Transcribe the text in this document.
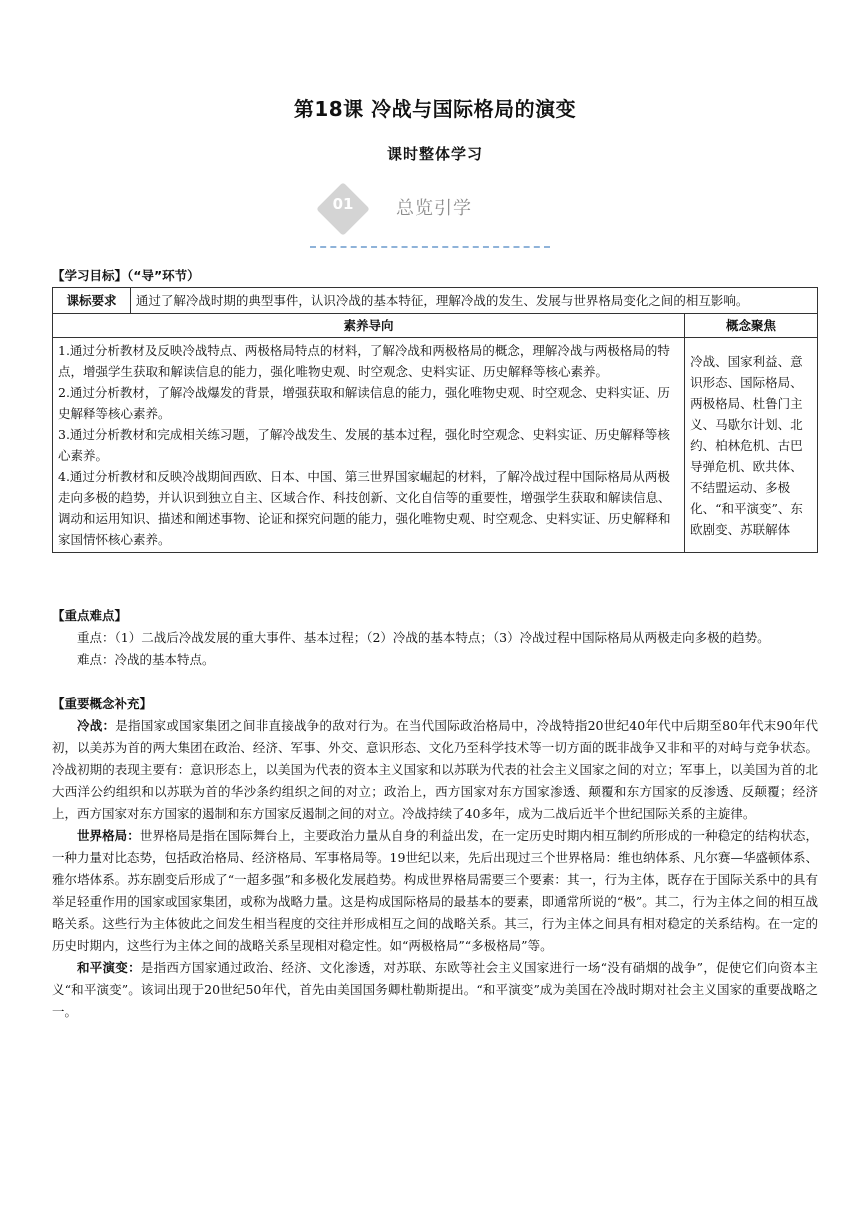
第18课 冷战与国际格局的演变
课时整体学习
01	总览引学
【学习目标】（“导”环节）
课标要求	通过了解冷战时期的典型事件，认识冷战的基本特征，理解冷战的发生、发展与世界格局变化之间的相互影响。	
素养导向		概念聚焦

1.通过分析教材及反映冷战特点、两极格局特点的材料，了解冷战和两极格局的概念，理解冷战与两极格局的特点，增强学生获取和解读信息的能力，强化唯物史观、时空观念、史料实证、历史解释等核心素养。
2.通过分析教材，了解冷战爆发的背景，增强获取和解读信息的能力，强化唯物史观、时空观念、史料实证、历史解释等核心素养。
3.通过分析教材和完成相关练习题，了解冷战发生、发展的基本过程，强化时空观念、史料实证、历史解释等核心素养。
4.通过分析教材和反映冷战期间西欧、日本、中国、第三世界国家崛起的材料，了解冷战过程中国际格局从两极走向多极的趋势，并认识到独立自主、区域合作、科技创新、文化自信等的重要性，增强学生获取和解读信息、调动和运用知识、描述和阐述事物、论证和探究问题的能力，强化唯物史观、时空观念、史料实证、历史解释和家国情怀核心素养。		冷战、国家利益、意识形态、国际格局、两极格局、杜鲁门主义、马歇尔计划、北约、柏林危机、古巴导弹危机、欧共体、不结盟运动、多极化、“和平演变”、东欧剧变、苏联解体
【重点难点】

重点：（1）二战后冷战发展的重大事件、基本过程；（2）冷战的基本特点；（3）冷战过程中国际格局从两极走向多极的趋势。

难点：冷战的基本特点。

【重要概念补充】

冷战：是指国家或国家集团之间非直接战争的敌对行为。在当代国际政治格局中，冷战特指20世纪40年代中后期至80年代末90年代初，以美苏为首的两大集团在政治、经济、军事、外交、意识形态、文化乃至科学技术等一切方面的既非战争又非和平的对峙与竞争状态。冷战初期的表现主要有：意识形态上，以美国为代表的资本主义国家和以苏联为代表的社会主义国家之间的对立；军事上，以美国为首的北大西洋公约组织和以苏联为首的华沙条约组织之间的对立；政治上，西方国家对东方国家渗透、颠覆和东方国家的反渗透、反颠覆；经济上，西方国家对东方国家的遏制和东方国家反遏制之间的对立。冷战持续了40多年，成为二战后近半个世纪国际关系的主旋律。

世界格局：世界格局是指在国际舞台上，主要政治力量从自身的利益出发，在一定历史时期内相互制约所形成的一种稳定的结构状态，一种力量对比态势，包括政治格局、经济格局、军事格局等。19世纪以来，先后出现过三个世界格局：维也纳体系、凡尔赛—华盛顿体系、雅尔塔体系。苏东剧变后形成了“一超多强”和多极化发展趋势。构成世界格局需要三个要素：其一，行为主体，既存在于国际关系中的具有举足轻重作用的国家或国家集团，或称为战略力量。这是构成国际格局的最基本的要素，即通常所说的“极”。其二，行为主体之间的相互战略关系。这些行为主体彼此之间发生相当程度的交往并形成相互之间的战略关系。其三，行为主体之间具有相对稳定的关系结构。在一定的历史时期内，这些行为主体之间的战略关系呈现相对稳定性。如“两极格局”“多极格局”等。

和平演变：是指西方国家通过政治、经济、文化渗透，对苏联、东欧等社会主义国家进行一场“没有硝烟的战争”，促使它们向资本主义“和平演变”。该词出现于20世纪50年代，首先由美国国务卿杜勒斯提出。“和平演变”成为美国在冷战时期对社会主义国家的重要战略之一。
